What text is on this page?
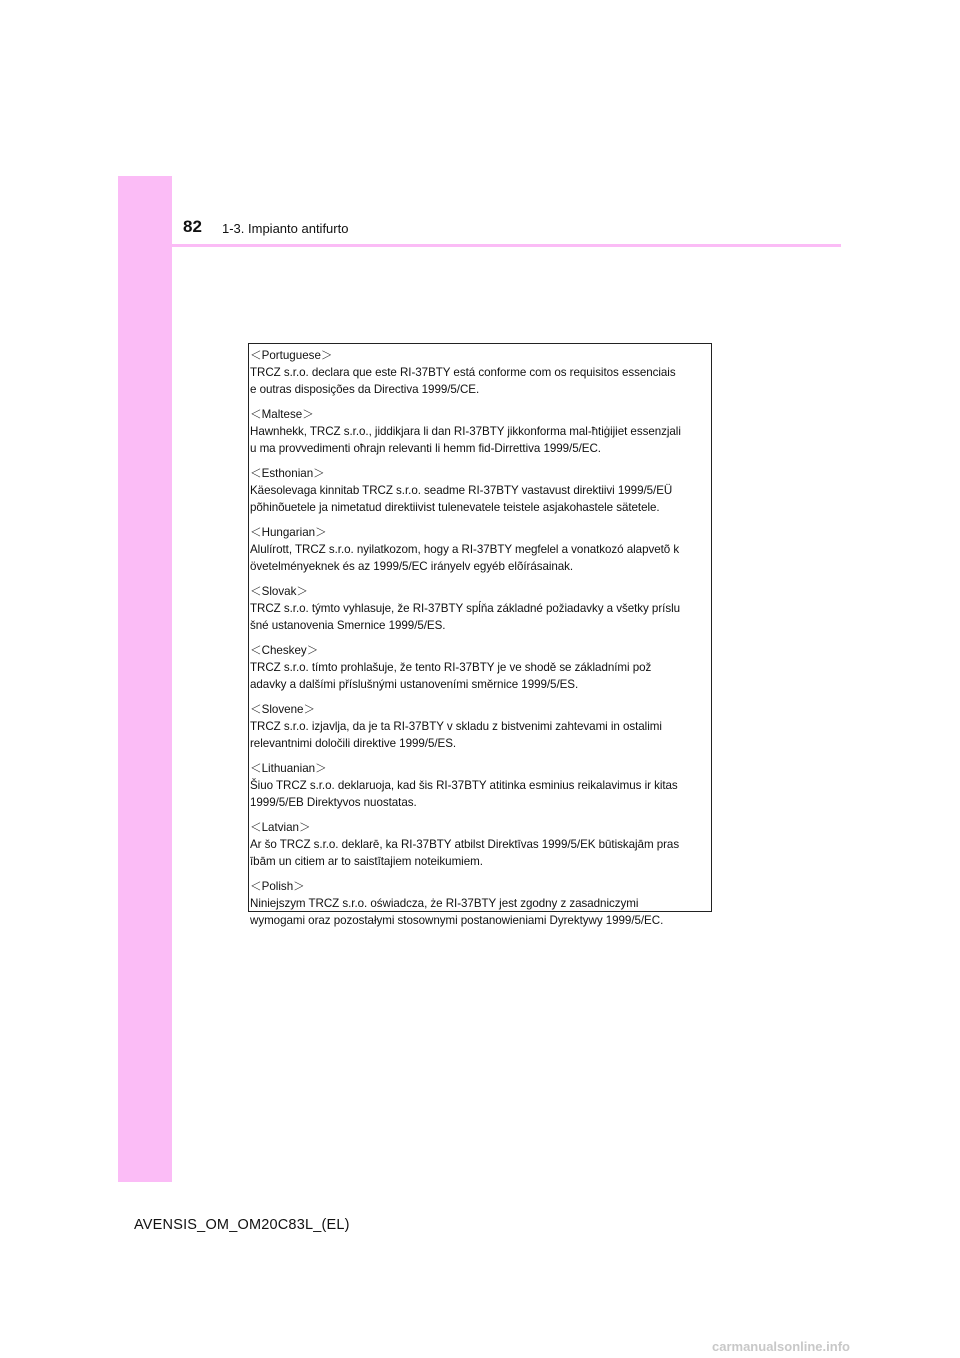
82 1-3. Impianto antifurto
＜Portuguese＞
TRCZ s.r.o. declara que este RI-37BTY está conforme com os requisitos essenciais
e outras disposições da Directiva 1999/5/CE.
＜Maltese＞
Hawnhekk, TRCZ s.r.o., jiddikjara li dan RI-37BTY jikkonforma mal-ħtiġijiet essenzjali
u ma provvedimenti oħrajn relevanti li hemm fid-Dirrettiva 1999/5/EC.
＜Esthonian＞
Käesolevaga kinnitab TRCZ s.r.o. seadme RI-37BTY vastavust direktiivi 1999/5/EÜ
põhinõuetele ja nimetatud direktiivist tulenevatele teistele asjakohastele sätetele.
＜Hungarian＞
Alulírott, TRCZ s.r.o. nyilatkozom, hogy a RI-37BTY megfelel a vonatkozó alapvetõ k
övetelményeknek és az 1999/5/EC irányelv egyéb elõírásainak.
＜Slovak＞
TRCZ s.r.o. týmto vyhlasuje, že RI-37BTY spĺňa základné požiadavky a všetky príslu
šné ustanovenia Smernice 1999/5/ES.
＜Cheskey＞
TRCZ s.r.o. tímto prohlašuje, že tento RI-37BTY je ve shodě se základními pož
adavky a dalšími příslušnými ustanoveními směrnice 1999/5/ES.
＜Slovene＞
TRCZ s.r.o. izjavlja, da je ta RI-37BTY v skladu z bistvenimi zahtevami in ostalimi
relevantnimi določili direktive 1999/5/ES.
＜Lithuanian＞
Šiuo TRCZ s.r.o. deklaruoja, kad šis RI-37BTY atitinka esminius reikalavimus ir kitas
1999/5/EB Direktyvos nuostatas.
＜Latvian＞
Ar šo TRCZ s.r.o. deklarē, ka RI-37BTY atbilst Direktīvas 1999/5/EK būtiskajām pras
ībām un citiem ar to saistītajiem noteikumiem.
＜Polish＞
Niniejszym TRCZ s.r.o. oświadcza, że RI-37BTY jest zgodny z zasadniczymi
wymogami oraz pozostałymi stosownymi postanowieniami Dyrektywy 1999/5/EC.
AVENSIS_OM_OM20C83L_(EL)
carmanualsonline.info
